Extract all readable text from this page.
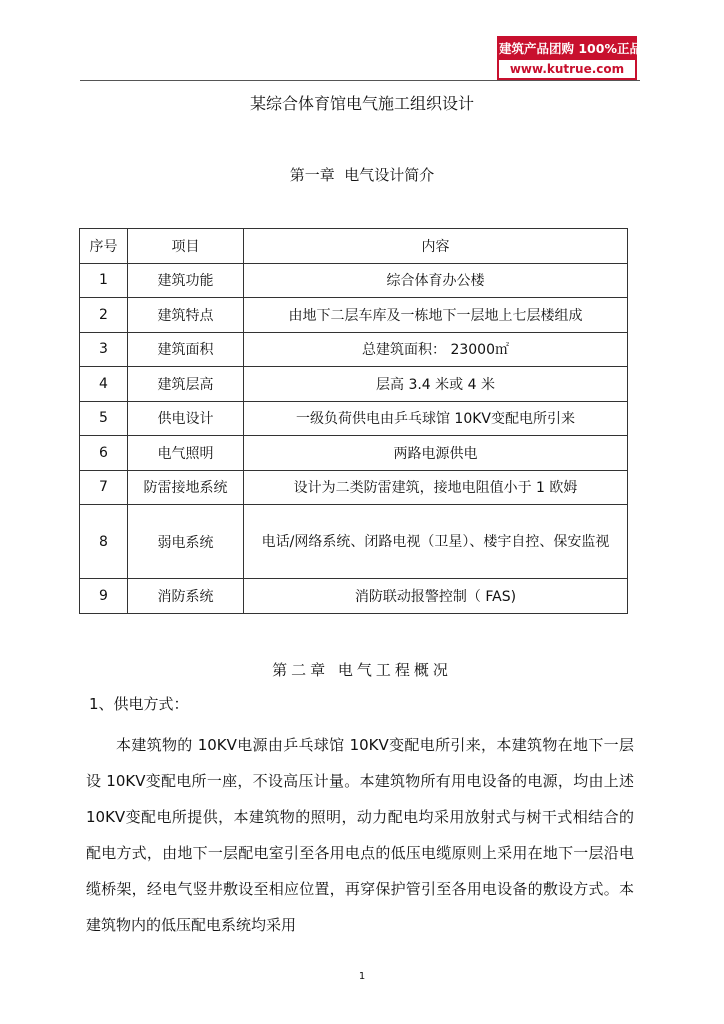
建筑产品团购 100%正品
www.kutrue.com
某综合体育馆电气施工组织设计
第一章  电气设计简介
序号	项目	内容
1	建筑功能	综合体育办公楼
2	建筑特点	由地下二层车库及一栋地下一层地上七层楼组成
3	建筑面积	总建筑面积： 23000㎡
4	建筑层高	层高 3.4 米或 4 米
5	供电设计	一级负荷供电由乒乓球馆 10KV变配电所引来
6	电气照明	两路电源供电
7	防雷接地系统	设计为二类防雷建筑，接地电阻值小于 1 欧姆
8	弱电系统	电话/网络系统、闭路电视（卫星）、楼宇自控、保安监视
9	消防系统	消防联动报警控制（ FAS)
第二章 电气工程概况
1、供电方式：
本建筑物的 10KV电源由乒乓球馆 10KV变配电所引来，本建筑物在地下一层设 10KV变配电所一座，不设高压计量。本建筑物所有用电设备的电源，均由上述 10KV变配电所提供，本建筑物的照明，动力配电均采用放射式与树干式相结合的配电方式，由地下一层配电室引至各用电点的低压电缆原则上采用在地下一层沿电缆桥架，经电气竖井敷设至相应位置，再穿保护管引至各用电设备的敷设方式。本建筑物内的低压配电系统均采用
1
